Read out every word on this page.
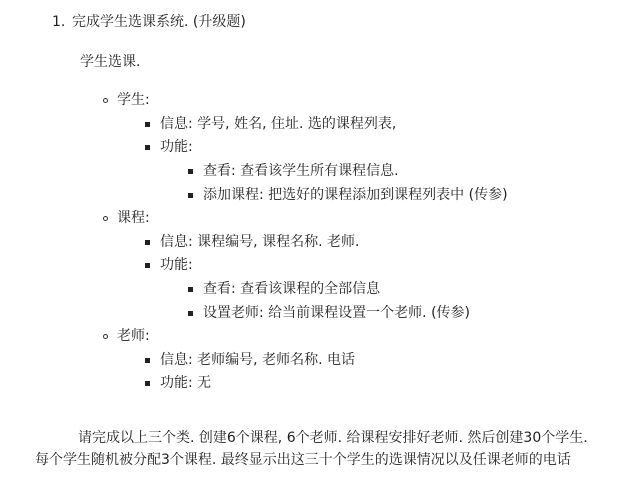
1. 完成学生选课系统. (升级题)
学生选课.
学生:
信息: 学号, 姓名, 住址. 选的课程列表,
功能:
查看: 查看该学生所有课程信息.
添加课程: 把选好的课程添加到课程列表中 (传参)
课程:
信息: 课程编号, 课程名称. 老师.
功能:
查看: 查看该课程的全部信息
设置老师: 给当前课程设置一个老师. (传参)
老师:
信息: 老师编号, 老师名称. 电话
功能: 无
请完成以上三个类. 创建6个课程, 6个老师. 给课程安排好老师. 然后创建30个学生.
每个学生随机被分配3个课程. 最终显示出这三十个学生的选课情况以及任课老师的电话
